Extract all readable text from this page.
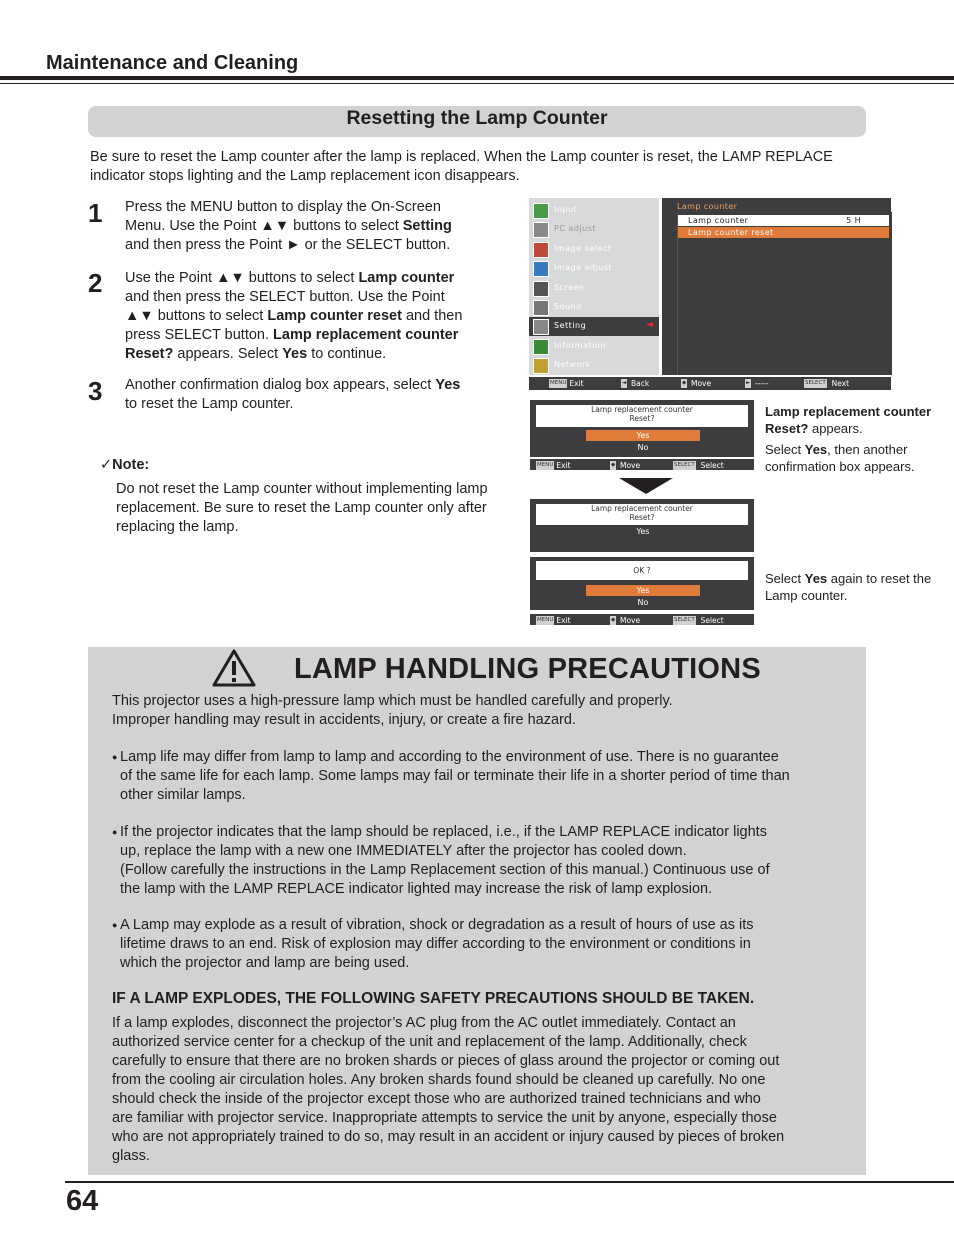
Maintenance and Cleaning
Resetting the Lamp Counter
Be sure to reset the Lamp counter after the lamp is replaced. When the Lamp counter is reset, the LAMP REPLACE indicator stops lighting and the Lamp replacement icon disappears.
1 Press the MENU button to display the On-Screen
Menu. Use the Point ▲▼ buttons to select Setting
and then press the Point ► or the SELECT button.
2 Use the Point ▲▼ buttons to select Lamp counter
and then press the SELECT button. Use the Point
▲▼ buttons to select Lamp counter reset and then
press SELECT button. Lamp replacement counter
Reset? appears. Select Yes to continue.
3 Another confirmation dialog box appears, select Yes
to reset the Lamp counter.
✓Note:
Do not reset the Lamp counter without implementing lamp replacement. Be sure to reset the Lamp counter only after replacing the lamp.
Input
PC adjust
Image select
Image adjust
Screen
Sound
Setting	◄
Information
Network
Lamp counter
Lamp counter	5 H
Lamp counter reset
MENU Exit	◄ Back	◆ Move	► -----	SELECT Next
Lamp replacement counter
Reset?
Yes
No
MENU Exit	◆ Move	SELECT Select
Lamp replacement counter
Reset?
Yes
OK ?
Yes
No
MENU Exit	◆ Move	SELECT Select
Lamp replacement counter Reset? appears.
Select Yes, then another confirmation box appears.
Select Yes again to reset the Lamp counter.
LAMP HANDLING PRECAUTIONS
This projector uses a high-pressure lamp which must be handled carefully and properly.
Improper handling may result in accidents, injury, or create a fire hazard.
● Lamp life may differ from lamp to lamp and according to the environment of use. There is no guarantee
of the same life for each lamp. Some lamps may fail or terminate their life in a shorter period of time than
other similar lamps.
● If the projector indicates that the lamp should be replaced, i.e., if the LAMP REPLACE indicator lights
up, replace the lamp with a new one IMMEDIATELY after the projector has cooled down.
(Follow carefully the instructions in the Lamp Replacement section of this manual.) Continuous use of
the lamp with the LAMP REPLACE indicator lighted may increase the risk of lamp explosion.
● A Lamp may explode as a result of vibration, shock or degradation as a result of hours of use as its
lifetime draws to an end. Risk of explosion may differ according to the environment or conditions in
which the projector and lamp are being used.
IF A LAMP EXPLODES, THE FOLLOWING SAFETY PRECAUTIONS SHOULD BE TAKEN.
If a lamp explodes, disconnect the projector’s AC plug from the AC outlet immediately. Contact an
authorized service center for a checkup of the unit and replacement of the lamp. Additionally, check
carefully to ensure that there are no broken shards or pieces of glass around the projector or coming out
from the cooling air circulation holes. Any broken shards found should be cleaned up carefully. No one
should check the inside of the projector except those who are authorized trained technicians and who
are familiar with projector service. Inappropriate attempts to service the unit by anyone, especially those
who are not appropriately trained to do so, may result in an accident or injury caused by pieces of broken
glass.
64
